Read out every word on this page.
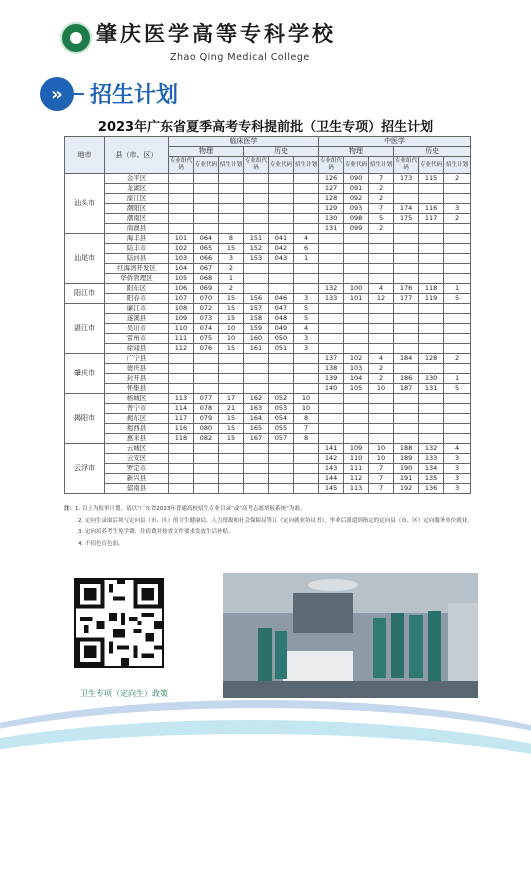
肇庆医学高等专科学校
Zhao Qing Medical College
»	招生计划
2023年广东省夏季高考专科提前批（卫生专项）招生计划
地市	县（市、区）	临床医学						中医学					
		物理			历史			物理			历史		
		专业组代码	专业代码	招生计划	专业组代码	专业代码	招生计划	专业组代码	专业代码	招生计划	专业组代码	专业代码	招生计划
汕头市	金平区							126	090	7	173	115	2
	龙湖区							127	091	2			
	濠江区							128	092	2			
	潮阳区							129	093	7	174	116	3
	潮南区							130	098	5	175	117	2
	南澳县							131	099	2			
汕尾市	海丰县	101	064	8	151	041	4						
	陆丰市	102	065	15	152	042	6						
	陆河县	103	066	3	153	043	1						
	红海湾开发区	104	067	2									
	华侨管理区	105	068	1									
阳江市	阳东区	106	069	2				132	100	4	176	118	1
	阳春市	107	070	15	156	046	3	133	101	12	177	119	5
湛江市	廉江市	108	072	15	157	047	5						
	遂溪县	109	073	15	158	048	5						
	吴川市	110	074	10	159	049	4						
	雷州市	111	075	10	160	050	3						
	徐闻县	112	076	15	161	051	3						
肇庆市	广宁县							137	102	4	184	128	2
	德庆县							138	103	2			
	封开县							139	104	2	186	130	1
	怀集县							140	105	10	187	131	5
揭阳市	榕城区	113	077	17	162	052	10						
	普宁市	114	078	21	163	053	10						
	揭东区	117	079	15	164	054	8						
	揭西县	116	080	15	165	055	7						
	惠来县	118	082	15	167	057	8						
云浮市	云城区							141	109	10	188	132	4
	云安区							142	110	10	189	133	3
	罗定市							143	111	7	190	134	3
	新兴县							144	112	7	191	135	3
	郁南县							145	113	7	192	136	3
注：1. 以上为报审计划，请以“广东省2023年普通高校招生专业目录”或“高考志愿填报系统”为准。
2. 定向生录取后须与定向县（市、区）的卫生健康局、人力资源和社会保障局签订《定向就业协议书》，毕业后派遣到指定的定向县（市、区）定向服务单位就业。
3. 定向培养考生免学费、住宿费并按省文件要求发放生活补贴。
4. 不招色盲色弱。
卫生专项（定向生）政策
